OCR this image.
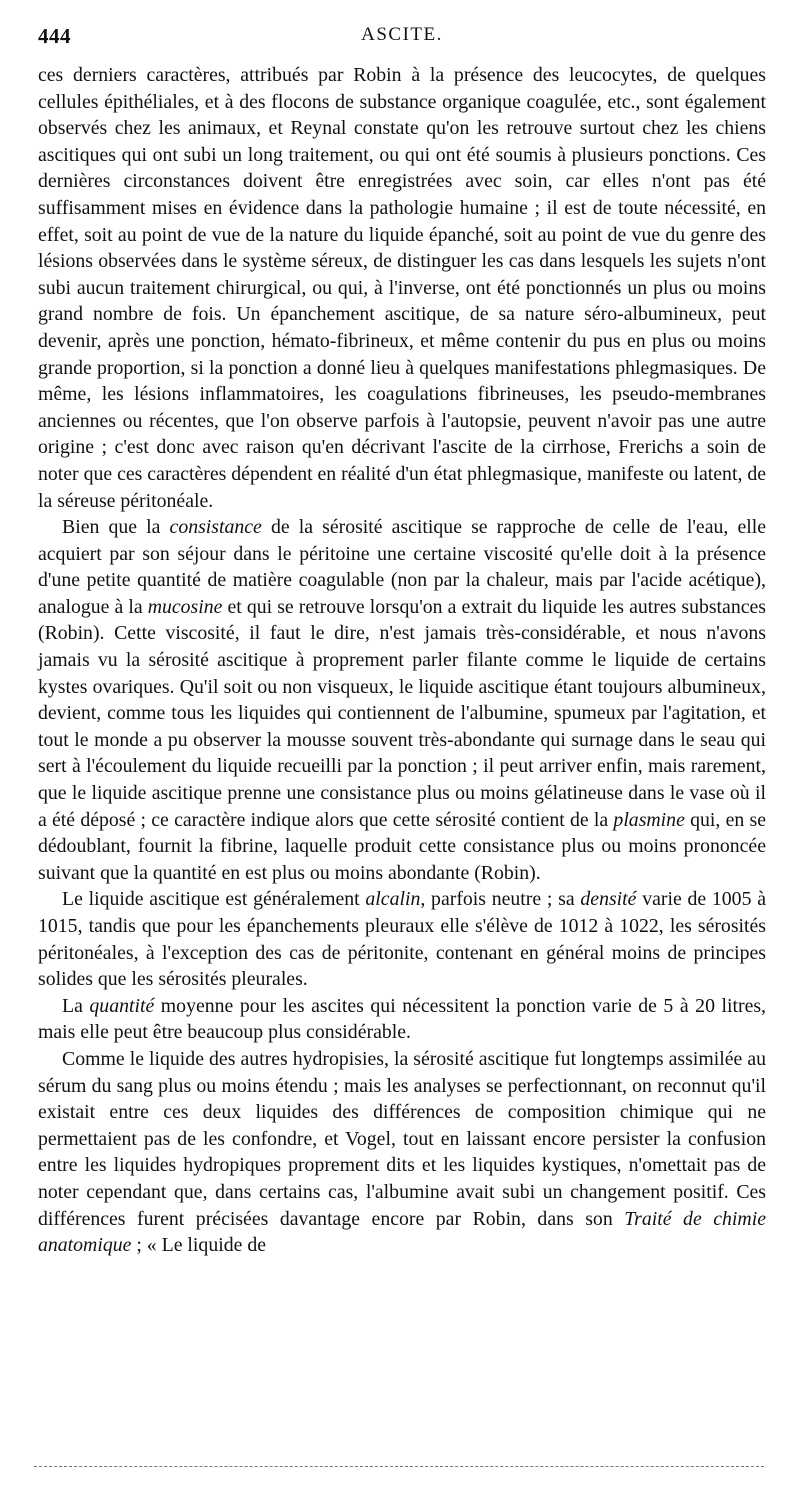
444	ASCITE.

ces derniers caractères, attribués par Robin à la présence des leucocytes, de quelques cellules épithéliales, et à des flocons de substance organique coagulée, etc., sont également observés chez les animaux, et Reynal constate qu'on les retrouve surtout chez les chiens ascitiques qui ont subi un long traitement, ou qui ont été soumis à plusieurs ponctions. Ces dernières circonstances doivent être enregistrées avec soin, car elles n'ont pas été suffisamment mises en évidence dans la pathologie humaine ; il est de toute nécessité, en effet, soit au point de vue de la nature du liquide épanché, soit au point de vue du genre des lésions observées dans le système séreux, de distinguer les cas dans lesquels les sujets n'ont subi aucun traitement chirurgical, ou qui, à l'inverse, ont été ponctionnés un plus ou moins grand nombre de fois. Un épanchement ascitique, de sa nature séro-albumineux, peut devenir, après une ponction, hémato-fibrineux, et même contenir du pus en plus ou moins grande proportion, si la ponction a donné lieu à quelques manifestations phlegmasiques. De même, les lésions inflammatoires, les coagulations fibrineuses, les pseudo-membranes anciennes ou récentes, que l'on observe parfois à l'autopsie, peuvent n'avoir pas une autre origine ; c'est donc avec raison qu'en décrivant l'ascite de la cirrhose, Frerichs a soin de noter que ces caractères dépendent en réalité d'un état phlegmasique, manifeste ou latent, de la séreuse péritonéale.

Bien que la consistance de la sérosité ascitique se rapproche de celle de l'eau, elle acquiert par son séjour dans le péritoine une certaine viscosité qu'elle doit à la présence d'une petite quantité de matière coagulable (non par la chaleur, mais par l'acide acétique), analogue à la mucosine et qui se retrouve lorsqu'on a extrait du liquide les autres substances (Robin). Cette viscosité, il faut le dire, n'est jamais très-considérable, et nous n'avons jamais vu la sérosité ascitique à proprement parler filante comme le liquide de certains kystes ovariques. Qu'il soit ou non visqueux, le liquide ascitique étant toujours albumineux, devient, comme tous les liquides qui contiennent de l'albumine, spumeux par l'agitation, et tout le monde a pu observer la mousse souvent très-abondante qui surnage dans le seau qui sert à l'écoulement du liquide recueilli par la ponction ; il peut arriver enfin, mais rarement, que le liquide ascitique prenne une consistance plus ou moins gélatineuse dans le vase où il a été déposé ; ce caractère indique alors que cette sérosité contient de la plasmine qui, en se dédoublant, fournit la fibrine, laquelle produit cette consistance plus ou moins prononcée suivant que la quantité en est plus ou moins abondante (Robin).

Le liquide ascitique est généralement alcalin, parfois neutre ; sa densité varie de 1005 à 1015, tandis que pour les épanchements pleuraux elle s'élève de 1012 à 1022, les sérosités péritonéales, à l'exception des cas de péritonite, contenant en général moins de principes solides que les sérosités pleurales.

La quantité moyenne pour les ascites qui nécessitent la ponction varie de 5 à 20 litres, mais elle peut être beaucoup plus considérable.

Comme le liquide des autres hydropisies, la sérosité ascitique fut longtemps assimilée au sérum du sang plus ou moins étendu ; mais les analyses se perfectionnant, on reconnut qu'il existait entre ces deux liquides des différences de composition chimique qui ne permettaient pas de les confondre, et Vogel, tout en laissant encore persister la confusion entre les liquides hydropiques proprement dits et les liquides kystiques, n'omettait pas de noter cependant que, dans certains cas, l'albumine avait subi un changement positif. Ces différences furent précisées davantage encore par Robin, dans son Traité de chimie anatomique ; « Le liquide de
